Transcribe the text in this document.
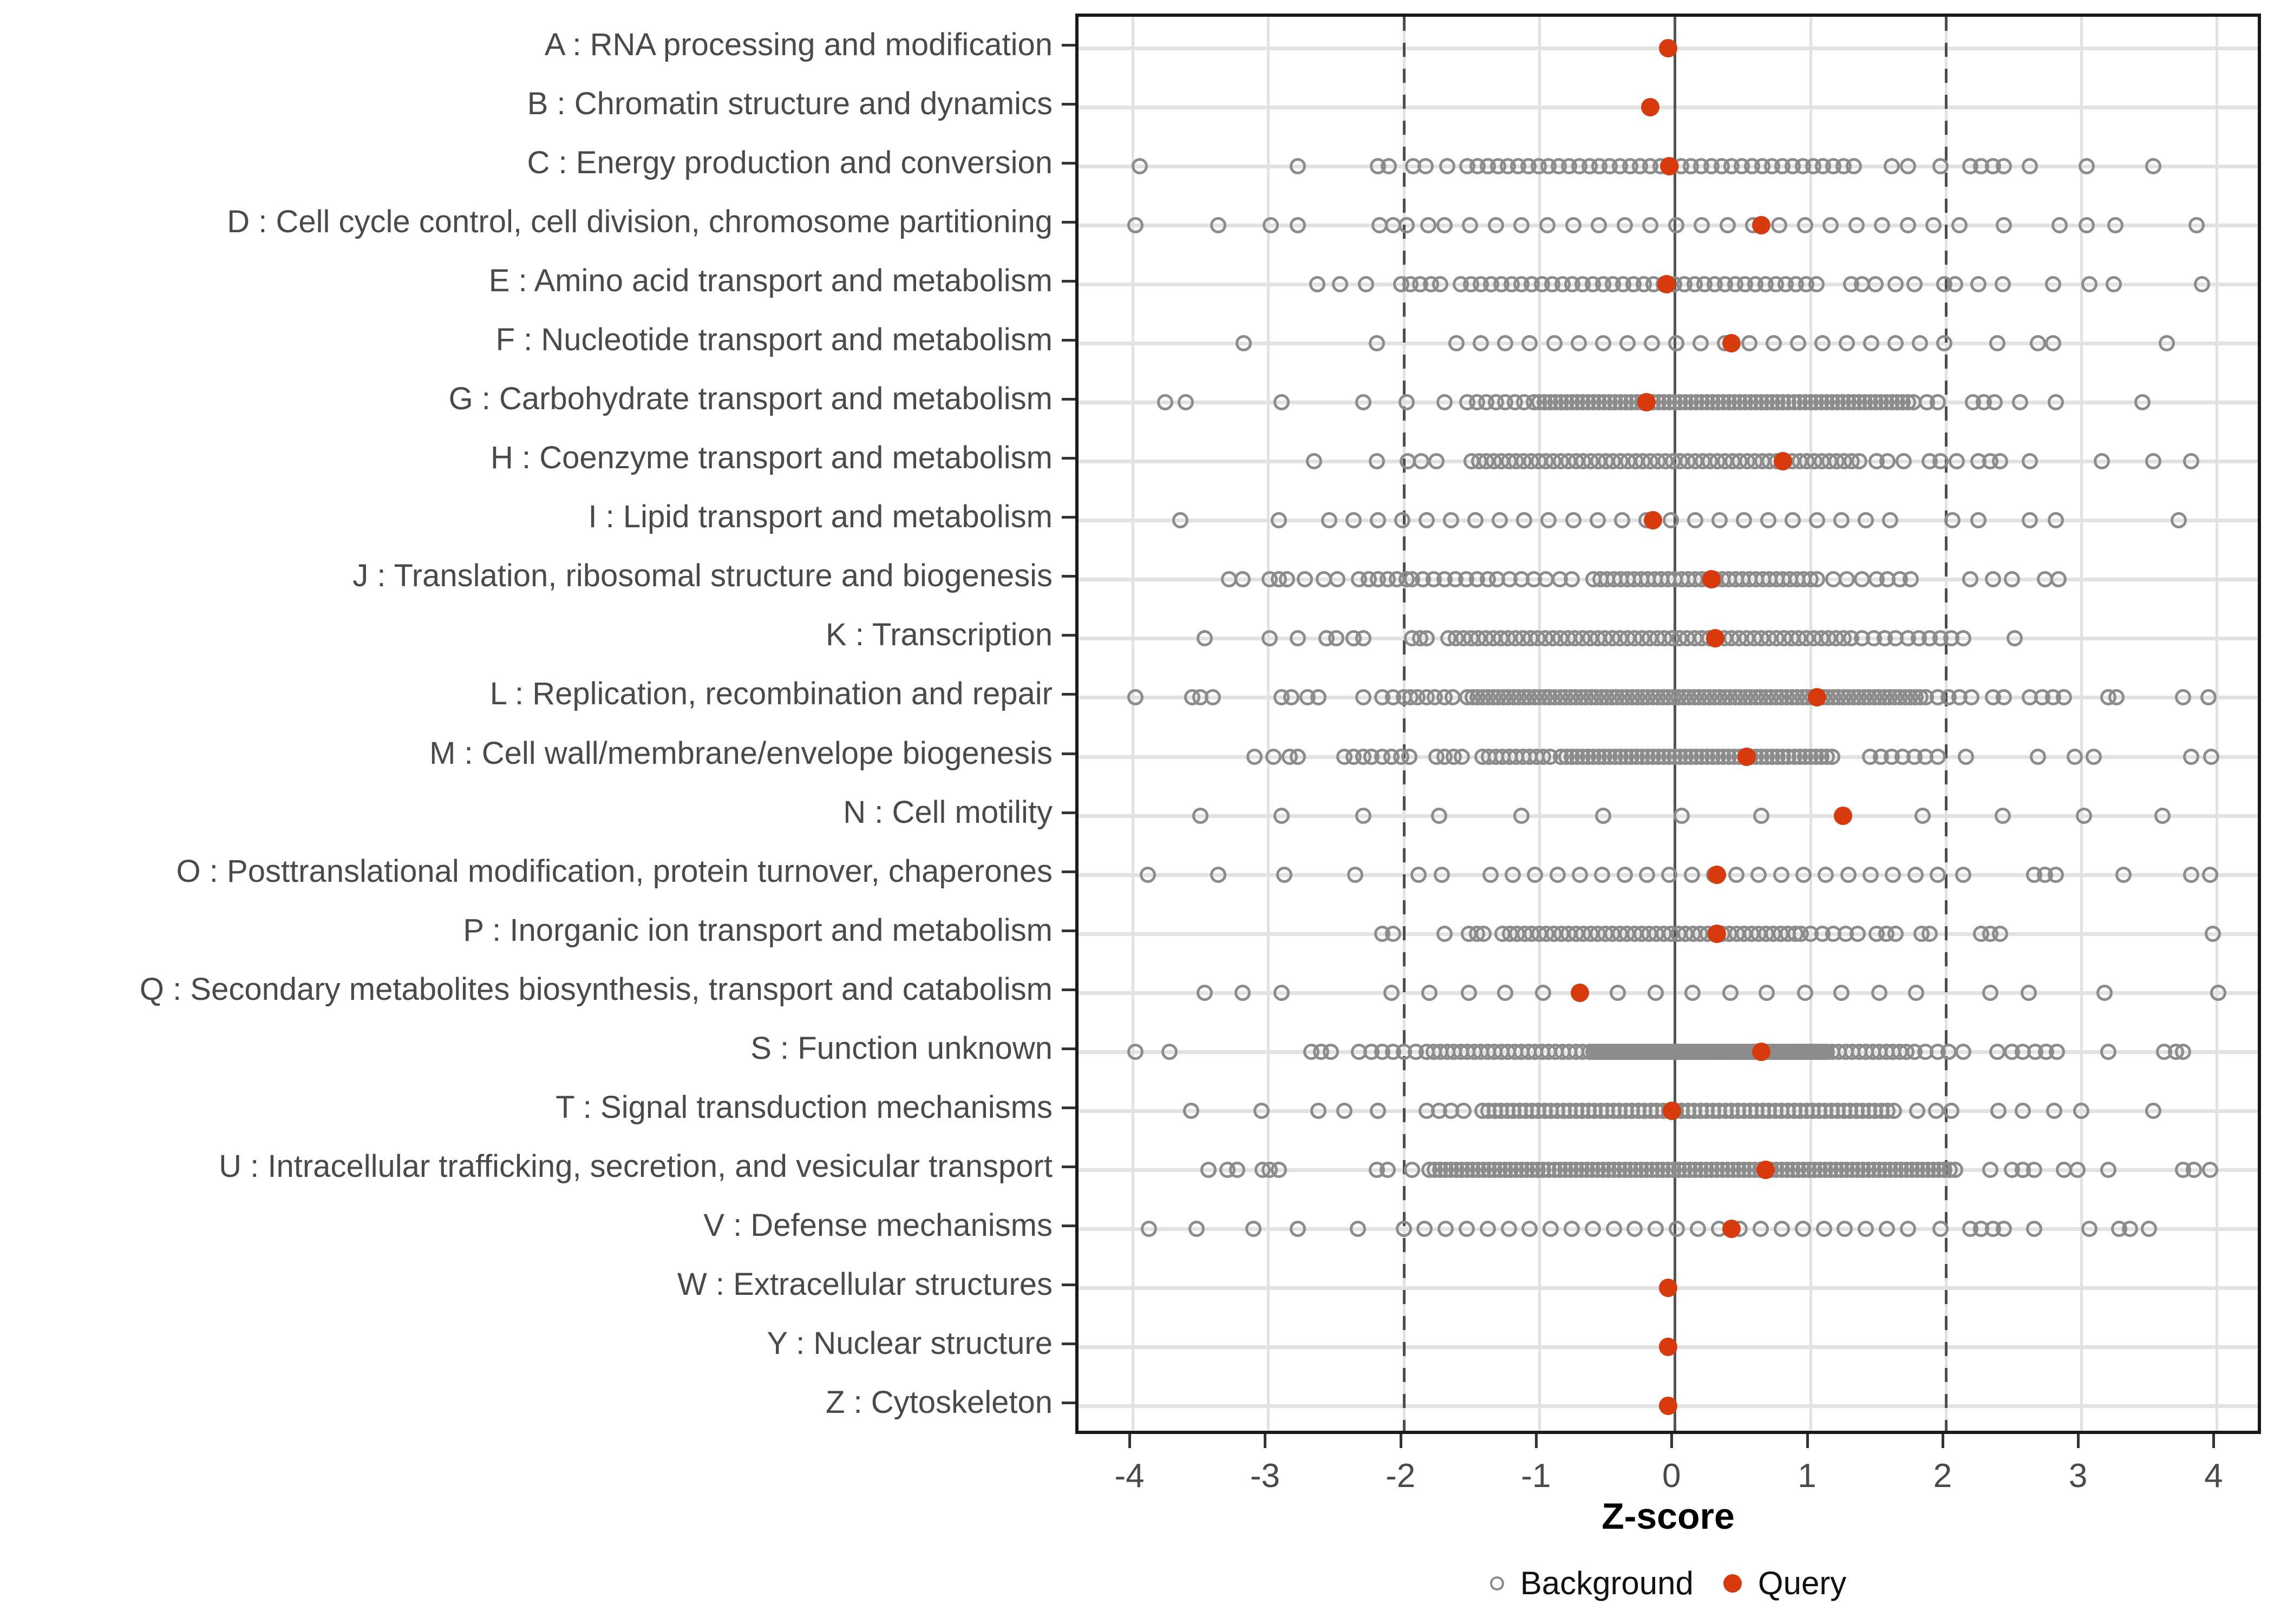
A : RNA processing and modification
B : Chromatin structure and dynamics
C : Energy production and conversion
D : Cell cycle control, cell division, chromosome partitioning
E : Amino acid transport and metabolism
F : Nucleotide transport and metabolism
G : Carbohydrate transport and metabolism
H : Coenzyme transport and metabolism
I : Lipid transport and metabolism
J : Translation, ribosomal structure and biogenesis
K : Transcription
L : Replication, recombination and repair
M : Cell wall/membrane/envelope biogenesis
N : Cell motility
O : Posttranslational modification, protein turnover, chaperones
P : Inorganic ion transport and metabolism
Q : Secondary metabolites biosynthesis, transport and catabolism
S : Function unknown
T : Signal transduction mechanisms
U : Intracellular trafficking, secretion, and vesicular transport
V : Defense mechanisms
W : Extracellular structures
Y : Nuclear structure
Z : Cytoskeleton
-4	-3	-2	-1	0	1	2	3	4
Z-score
Background Query
